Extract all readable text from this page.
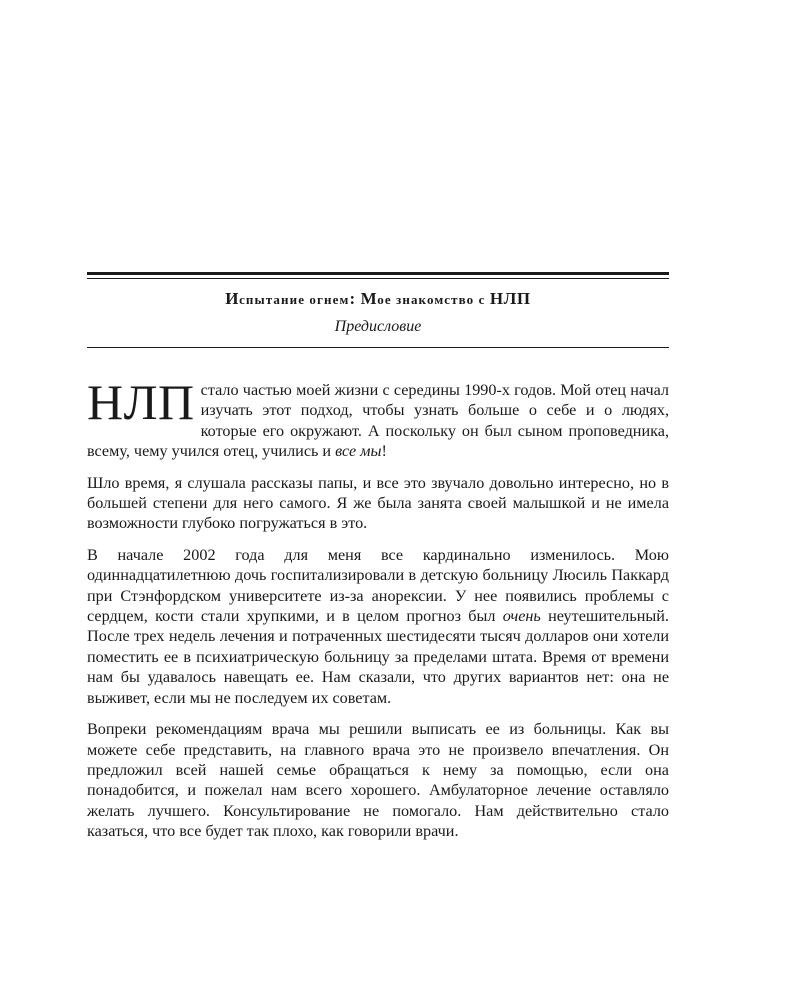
Испытание огнем: Мое знакомство с НЛП
Предисловие

НЛП стало частью моей жизни с середины 1990-х годов. Мой отец начал изучать этот подход, чтобы узнать больше о себе и о людях, которые его окружают. А поскольку он был сыном проповедника, всему, чему учился отец, учились и все мы!

Шло время, я слушала рассказы папы, и все это звучало довольно интересно, но в большей степени для него самого. Я же была занята своей малышкой и не имела возможности глубоко погружаться в это.

В начале 2002 года для меня все кардинально изменилось. Мою одиннадцатилетнюю дочь госпитализировали в детскую больницу Люсиль Паккард при Стэнфордском университете из-за анорексии. У нее появились проблемы с сердцем, кости стали хрупкими, и в целом прогноз был очень неутешительный. После трех недель лечения и потраченных шестидесяти тысяч долларов они хотели поместить ее в психиатрическую больницу за пределами штата. Время от времени нам бы удавалось навещать ее. Нам сказали, что других вариантов нет: она не выживет, если мы не последуем их советам.

Вопреки рекомендациям врача мы решили выписать ее из больницы. Как вы можете себе представить, на главного врача это не произвело впечатления. Он предложил всей нашей семье обращаться к нему за помощью, если она понадобится, и пожелал нам всего хорошего. Амбулаторное лечение оставляло желать лучшего. Консультирование не помогало. Нам действительно стало казаться, что все будет так плохо, как говорили врачи.
